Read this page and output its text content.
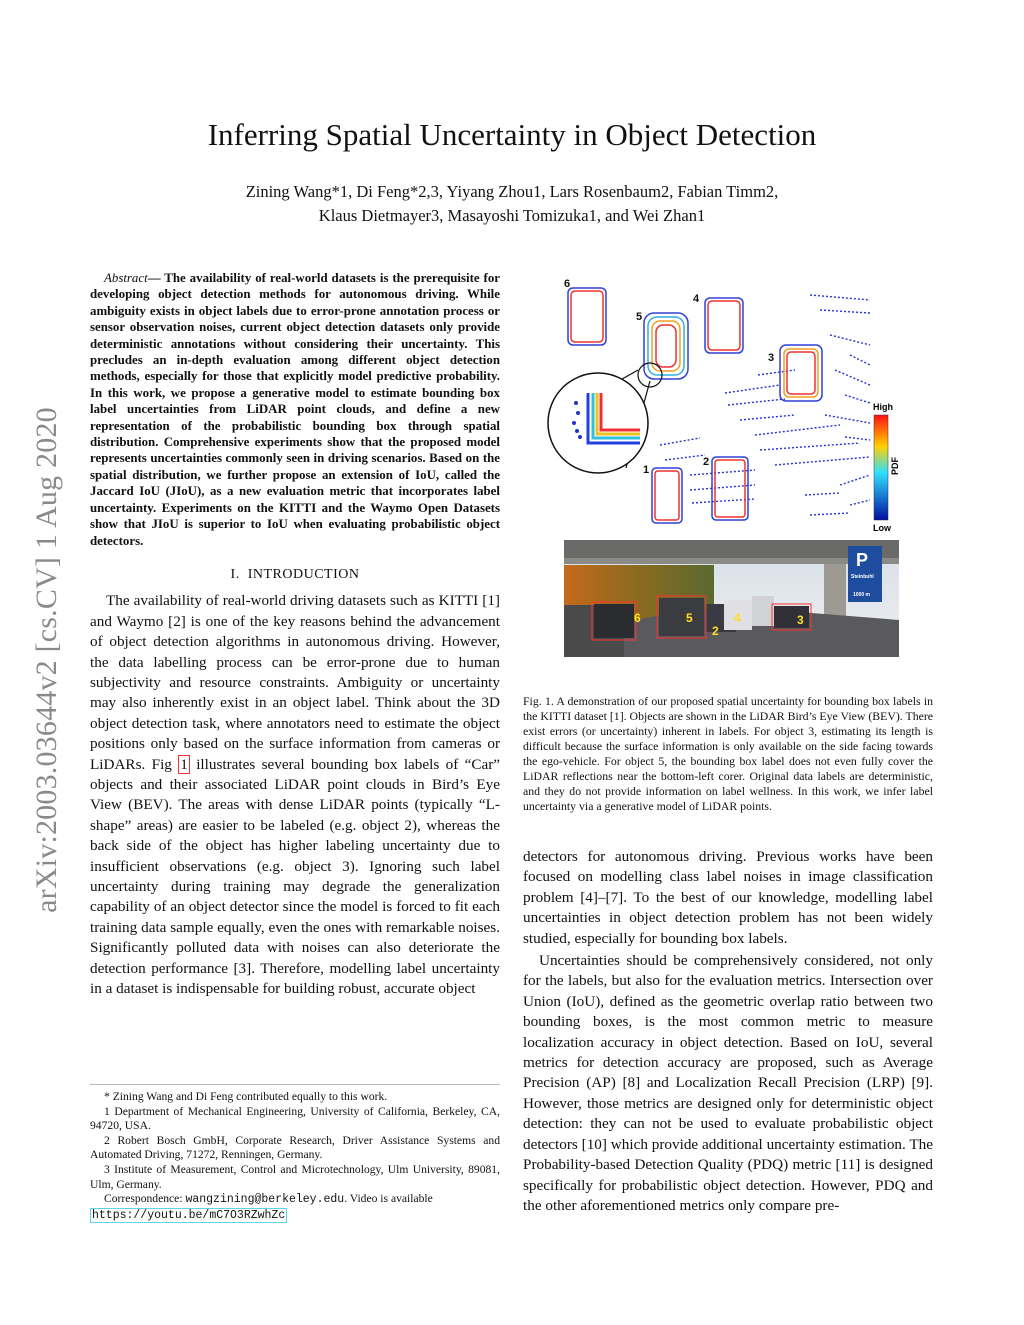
arXiv:2003.03644v2 [cs.CV] 1 Aug 2020
Inferring Spatial Uncertainty in Object Detection
Zining Wang*1, Di Feng*2,3, Yiyang Zhou1, Lars Rosenbaum2, Fabian Timm2,
Klaus Dietmayer3, Masayoshi Tomizuka1, and Wei Zhan1

Abstract— The availability of real-world datasets is the prerequisite for developing object detection methods for autonomous driving. While ambiguity exists in object labels due to error-prone annotation process or sensor observation noises, current object detection datasets only provide deterministic annotations without considering their uncertainty. This precludes an in-depth evaluation among different object detection methods, especially for those that explicitly model predictive probability. In this work, we propose a generative model to estimate bounding box label uncertainties from LiDAR point clouds, and define a new representation of the probabilistic bounding box through spatial distribution. Comprehensive experiments show that the proposed model represents uncertainties commonly seen in driving scenarios. Based on the spatial distribution, we further propose an extension of IoU, called the Jaccard IoU (JIoU), as a new evaluation metric that incorporates label uncertainty. Experiments on the KITTI and the Waymo Open Datasets show that JIoU is superior to IoU when evaluating probabilistic object detectors.

I. INTRODUCTION

The availability of real-world driving datasets such as KITTI [1] and Waymo [2] is one of the key reasons behind the advancement of object detection algorithms in autonomous driving. However, the data labelling process can be error-prone due to human subjectivity and resource constraints. Ambiguity or uncertainty may also inherently exist in an object label. Think about the 3D object detection task, where annotators need to estimate the object positions only based on the surface information from cameras or LiDARs. Fig 1 illustrates several bounding box labels of “Car” objects and their associated LiDAR point clouds in Bird’s Eye View (BEV). The areas with dense LiDAR points (typically “L-shape” areas) are easier to be labeled (e.g. object 2), whereas the back side of the object has higher labeling uncertainty due to insufficient observations (e.g. object 3). Ignoring such label uncertainty during training may degrade the generalization capability of an object detector since the model is forced to fit each training data sample equally, even the ones with remarkable noises. Significantly polluted data with noises can also deteriorate the detection performance [3]. Therefore, modelling label uncertainty in a dataset is indispensable for building robust, accurate object

* Zining Wang and Di Feng contributed equally to this work.

1 Department of Mechanical Engineering, University of California, Berkeley, CA, 94720, USA.

2 Robert Bosch GmbH, Corporate Research, Driver Assistance Systems and Automated Driving, 71272, Renningen, Germany.

3 Institute of Measurement, Control and Microtechnology, Ulm University, 89081, Ulm, Germany.

Correspondence: wangzining@berkeley.edu. Video is available
https://youtu.be/mC7O3RZwhZc

6
4
5
3
2
1
High
Low
PDF
6	5	4	3
2
P
Steinbuhl
1000 m
Fig. 1. A demonstration of our proposed spatial uncertainty for bounding box labels in the KITTI dataset [1]. Objects are shown in the LiDAR Bird’s Eye View (BEV). There exist errors (or uncertainty) inherent in labels. For object 3, estimating its length is difficult because the surface information is only available on the side facing towards the ego-vehicle. For object 5, the bounding box label does not even fully cover the LiDAR reflections near the bottom-left corer. Original data labels are deterministic, and they do not provide information on label wellness. In this work, we infer label uncertainty via a generative model of LiDAR points.

detectors for autonomous driving. Previous works have been focused on modelling class label noises in image classification problem [4]–[7]. To the best of our knowledge, modelling label uncertainties in object detection problem has not been widely studied, especially for bounding box labels.

Uncertainties should be comprehensively considered, not only for the labels, but also for the evaluation metrics. Intersection over Union (IoU), defined as the geometric overlap ratio between two bounding boxes, is the most common metric to measure localization accuracy in object detection. Based on IoU, several metrics for detection accuracy are proposed, such as Average Precision (AP) [8] and Localization Recall Precision (LRP) [9]. However, those metrics are designed only for deterministic object detection: they can not be used to evaluate probabilistic object detectors [10] which provide additional uncertainty estimation. The Probability-based Detection Quality (PDQ) metric [11] is designed specifically for probabilistic object detection. However, PDQ and the other aforementioned metrics only compare pre-
